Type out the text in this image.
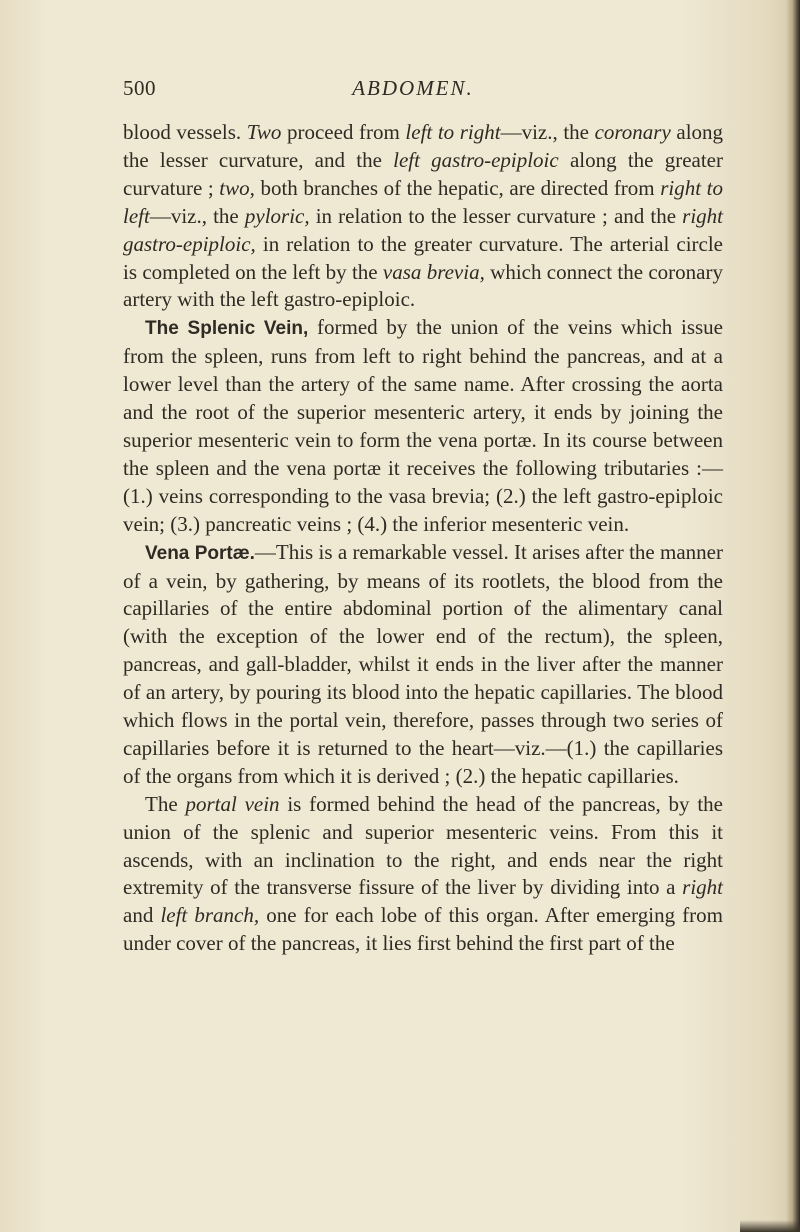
500	ABDOMEN.

blood vessels. Two proceed from left to right—viz., the coronary along the lesser curvature, and the left gastro-epiploic along the greater curvature ; two, both branches of the hepatic, are directed from right to left—viz., the pyloric, in relation to the lesser curvature ; and the right gastro-epiploic, in relation to the greater curvature. The arterial circle is completed on the left by the vasa brevia, which connect the coronary artery with the left gastro-epiploic.

The Splenic Vein, formed by the union of the veins which issue from the spleen, runs from left to right behind the pancreas, and at a lower level than the artery of the same name. After crossing the aorta and the root of the superior mesenteric artery, it ends by joining the superior mesenteric vein to form the vena portæ. In its course between the spleen and the vena portæ it receives the following tributaries :—(1.) veins corresponding to the vasa brevia; (2.) the left gastro-epiploic vein; (3.) pancreatic veins ; (4.) the inferior mesenteric vein.

Vena Portæ.—This is a remarkable vessel. It arises after the manner of a vein, by gathering, by means of its rootlets, the blood from the capillaries of the entire abdominal portion of the alimentary canal (with the exception of the lower end of the rectum), the spleen, pancreas, and gall-bladder, whilst it ends in the liver after the manner of an artery, by pouring its blood into the hepatic capillaries. The blood which flows in the portal vein, therefore, passes through two series of capillaries before it is returned to the heart—viz.—(1.) the capillaries of the organs from which it is derived ; (2.) the hepatic capillaries.

The portal vein is formed behind the head of the pancreas, by the union of the splenic and superior mesenteric veins. From this it ascends, with an inclination to the right, and ends near the right extremity of the transverse fissure of the liver by dividing into a right and left branch, one for each lobe of this organ. After emerging from under cover of the pancreas, it lies first behind the first part of the
